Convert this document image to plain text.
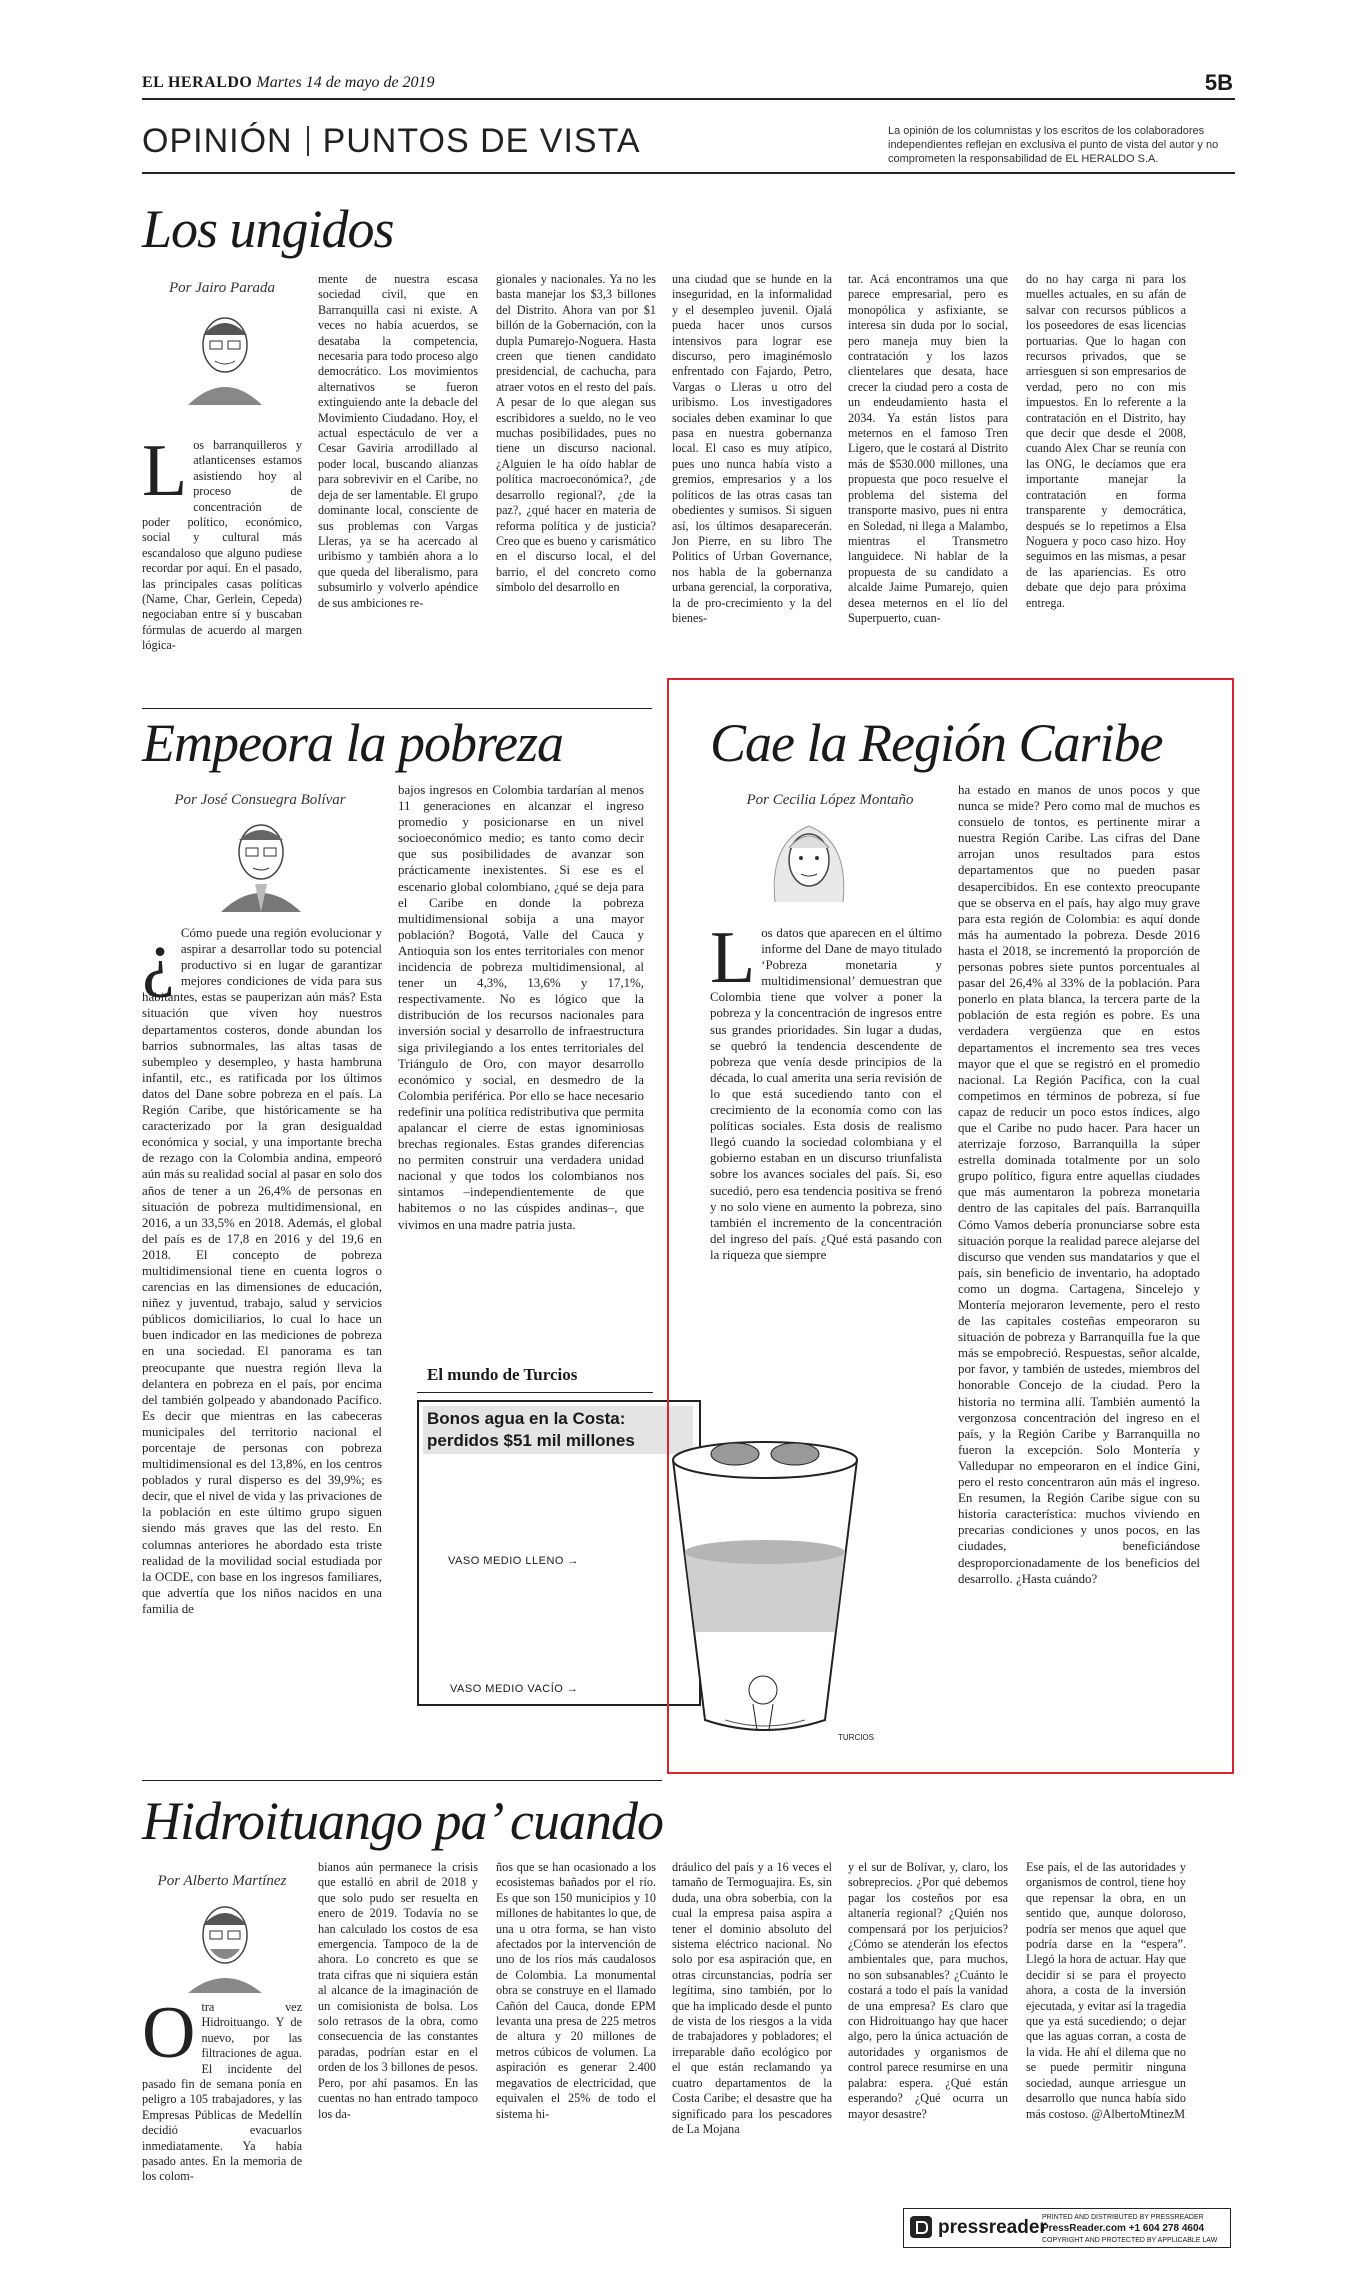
EL HERALDO Martes 14 de mayo de 2019	5B
OPINIÓN PUNTOS DE VISTA	La opinión de los columnistas y los escritos de los colaboradores independientes reflejan en exclusiva el punto de vista del autor y no comprometen la responsabilidad de EL HERALDO S.A.
Los ungidos
Por Jairo Parada
L os barranquilleros y atlanticenses estamos asistiendo hoy al proceso de concentración de poder político, económico, social y cultural más escandaloso que alguno pudiese recordar por aquí. En el pasado, las principales casas políticas (Name, Char, Gerlein, Cepeda) negociaban entre sí y buscaban fórmulas de acuerdo al margen lógica-

mente de nuestra escasa sociedad civil, que en Barranquilla casi ni existe. A veces no había acuerdos, se desataba la competencia, necesaria para todo proceso algo democrático. Los movimientos alternativos se fueron extinguiendo ante la debacle del Movimiento Ciudadano. Hoy, el actual espectáculo de ver a Cesar Gaviria arrodillado al poder local, buscando alianzas para sobrevivir en el Caribe, no deja de ser lamentable. El grupo dominante local, consciente de sus problemas con Vargas Lleras, ya se ha acercado al uribismo y también ahora a lo que queda del liberalismo, para subsumirlo y volverlo apéndice de sus ambiciones re-
gionales y nacionales. Ya no les basta manejar los $3,3 billones del Distrito. Ahora van por $1 billón de la Gobernación, con la dupla Pumarejo-Noguera. Hasta creen que tienen candidato presidencial, de cachucha, para atraer votos en el resto del país. A pesar de lo que alegan sus escribidores a sueldo, no le veo muchas posibilidades, pues no tiene un discurso nacional. ¿Alguien le ha oído hablar de política macroeconómica?, ¿de desarrollo regional?, ¿de la paz?, ¿qué hacer en materia de reforma política y de justicia? Creo que es bueno y carismático en el discurso local, el del barrio, el del concreto como símbolo del desarrollo en
una ciudad que se hunde en la inseguridad, en la informalidad y el desempleo juvenil. Ojalá pueda hacer unos cursos intensivos para lograr ese discurso, pero imaginémoslo enfrentado con Fajardo, Petro, Vargas o Lleras u otro del uribismo. Los investigadores sociales deben examinar lo que pasa en nuestra gobernanza local. El caso es muy atípico, pues uno nunca había visto a gremios, empresarios y a los políticos de las otras casas tan obedientes y sumisos. Si siguen así, los últimos desaparecerán. Jon Pierre, en su libro The Politics of Urban Governance, nos habla de la gobernanza urbana gerencial, la corporativa, la de pro-crecimiento y la del bienes-
tar. Acá encontramos una que parece empresarial, pero es monopólica y asfixiante, se interesa sin duda por lo social, pero maneja muy bien la contratación y los lazos clientelares que desata, hace crecer la ciudad pero a costa de un endeudamiento hasta el 2034. Ya están listos para meternos en el famoso Tren Ligero, que le costará al Distrito más de $530.000 millones, una propuesta que poco resuelve el problema del sistema del transporte masivo, pues ni entra en Soledad, ni llega a Malambo, mientras el Transmetro languidece. Ni hablar de la propuesta de su candidato a alcalde Jaime Pumarejo, quien desea meternos en el lío del Superpuerto, cuan-
do no hay carga ni para los muelles actuales, en su afán de salvar con recursos públicos a los poseedores de esas licencias portuarias. Que lo hagan con recursos privados, que se arriesguen si son empresarios de verdad, pero no con mis impuestos. En lo referente a la contratación en el Distrito, hay que decir que desde el 2008, cuando Alex Char se reunía con las ONG, le decíamos que era importante manejar la contratación en forma transparente y democrática, después se lo repetimos a Elsa Noguera y poco caso hizo. Hoy seguimos en las mismas, a pesar de las apariencias. Es otro debate que dejo para próxima entrega.
Empeora la pobreza
Por José Consuegra Bolívar
¿ Cómo puede una región evolucionar y aspirar a desarrollar todo su potencial productivo si en lugar de garantizar mejores condiciones de vida para sus habitantes, estas se pauperizan aún más? Esta situación que viven hoy nuestros departamentos costeros, donde abundan los barrios subnormales, las altas tasas de subempleo y desempleo, y hasta hambruna infantil, etc., es ratificada por los últimos datos del Dane sobre pobreza en el país. La Región Caribe, que históricamente se ha caracterizado por la gran desigualdad económica y social, y una importante brecha de rezago con la Colombia andina, empeoró aún más su realidad social al pasar en solo dos años de tener a un 26,4% de personas en situación de pobreza multidimensional, en 2016, a un 33,5% en 2018. Además, el global del país es de 17,8 en 2016 y del 19,6 en 2018. El concepto de pobreza multidimensional tiene en cuenta logros o carencias en las dimensiones de educación, niñez y juventud, trabajo, salud y servicios públicos domiciliarios, lo cual lo hace un buen indicador en las mediciones de pobreza en una sociedad. El panorama es tan preocupante que nuestra región lleva la delantera en pobreza en el país, por encima del también golpeado y abandonado Pacífico. Es decir que mientras en las cabeceras municipales del territorio nacional el porcentaje de personas con pobreza multidimensional es del 13,8%, en los centros poblados y rural disperso es del 39,9%; es decir, que el nivel de vida y las privaciones de la población en este último grupo siguen siendo más graves que las del resto. En columnas anteriores he abordado esta triste realidad de la movilidad social estudiada por la OCDE, con base en los ingresos familiares, que advertía que los niños nacidos en una familia de

bajos ingresos en Colombia tardarían al menos 11 generaciones en alcanzar el ingreso promedio y posicionarse en un nivel socioeconómico medio; es tanto como decir que sus posibilidades de avanzar son prácticamente inexistentes. Si ese es el escenario global colombiano, ¿qué se deja para el Caribe en donde la pobreza multidimensional sobija a una mayor población? Bogotá, Valle del Cauca y Antioquia son los entes territoriales con menor incidencia de pobreza multidimensional, al tener un 4,3%, 13,6% y 17,1%, respectivamente. No es lógico que la distribución de los recursos nacionales para inversión social y desarrollo de infraestructura siga privilegiando a los entes territoriales del Triángulo de Oro, con mayor desarrollo económico y social, en desmedro de la Colombia periférica. Por ello se hace necesario redefinir una política redistributiva que permita apalancar el cierre de estas ignominiosas brechas regionales. Estas grandes diferencias no permiten construir una verdadera unidad nacional y que todos los colombianos nos sintamos –independientemente de que habitemos o no las cúspides andinas–, que vivimos en una madre patria justa.
El mundo de Turcios
Bonos agua en la Costa: perdidos $51 mil millones
VASO MEDIO LLENO →
VASO MEDIO VACÍO →
TURCIOS
Cae la Región Caribe
Por Cecilia López Montaño
L os datos que aparecen en el último informe del Dane de mayo titulado ‘Pobreza monetaria y multidimensional’ demuestran que Colombia tiene que volver a poner la pobreza y la concentración de ingresos entre sus grandes prioridades. Sin lugar a dudas, se quebró la tendencia descendente de pobreza que venía desde principios de la década, lo cual amerita una seria revisión de lo que está sucediendo tanto con el crecimiento de la economía como con las políticas sociales. Esta dosis de realismo llegó cuando la sociedad colombiana y el gobierno estaban en un discurso triunfalista sobre los avances sociales del país. Si, eso sucedió, pero esa tendencia positiva se frenó y no solo viene en aumento la pobreza, sino también el incremento de la concentración del ingreso del país. ¿Qué está pasando con la riqueza que siempre

ha estado en manos de unos pocos y que nunca se mide? Pero como mal de muchos es consuelo de tontos, es pertinente mirar a nuestra Región Caribe. Las cifras del Dane arrojan unos resultados para estos departamentos que no pueden pasar desapercibidos. En ese contexto preocupante que se observa en el país, hay algo muy grave para esta región de Colombia: es aquí donde más ha aumentado la pobreza. Desde 2016 hasta el 2018, se incrementó la proporción de personas pobres siete puntos porcentuales al pasar del 26,4% al 33% de la población. Para ponerlo en plata blanca, la tercera parte de la población de esta región es pobre. Es una verdadera vergüenza que en estos departamentos el incremento sea tres veces mayor que el que se registró en el promedio nacional. La Región Pacífica, con la cual competimos en términos de pobreza, sí fue capaz de reducir un poco estos índices, algo que el Caribe no pudo hacer. Para hacer un aterrizaje forzoso, Barranquilla la súper estrella dominada totalmente por un solo grupo político, figura entre aquellas ciudades que más aumentaron la pobreza monetaria dentro de las capitales del país. Barranquilla Cómo Vamos debería pronunciarse sobre esta situación porque la realidad parece alejarse del discurso que venden sus mandatarios y que el país, sin beneficio de inventario, ha adoptado como un dogma. Cartagena, Sincelejo y Montería mejoraron levemente, pero el resto de las capitales costeñas empeoraron su situación de pobreza y Barranquilla fue la que más se empobreció. Respuestas, señor alcalde, por favor, y también de ustedes, miembros del honorable Concejo de la ciudad. Pero la historia no termina allí. También aumentó la vergonzosa concentración del ingreso en el país, y la Región Caribe y Barranquilla no fueron la excepción. Solo Montería y Valledupar no empeoraron en el índice Gini, pero el resto concentraron aún más el ingreso. En resumen, la Región Caribe sigue con su historia característica: muchos viviendo en precarias condiciones y unos pocos, en las ciudades, beneficiándose desproporcionadamente de los beneficios del desarrollo. ¿Hasta cuándo?
Hidroituango pa’ cuando
Por Alberto Martínez
O tra vez Hidroituango. Y de nuevo, por las filtraciones de agua. El incidente del pasado fin de semana ponía en peligro a 105 trabajadores, y las Empresas Públicas de Medellín decidió evacuarlos inmediatamente. Ya había pasado antes. En la memoria de los colom-

bianos aún permanece la crisis que estalló en abril de 2018 y que solo pudo ser resuelta en enero de 2019. Todavía no se han calculado los costos de esa emergencia. Tampoco de la de ahora. Lo concreto es que se trata cifras que ni siquiera están al alcance de la imaginación de un comisionista de bolsa. Los solo retrasos de la obra, como consecuencia de las constantes paradas, podrían estar en el orden de los 3 billones de pesos. Pero, por ahí pasamos. En las cuentas no han entrado tampoco los da-
ños que se han ocasionado a los ecosistemas bañados por el río. Es que son 150 municipios y 10 millones de habitantes lo que, de una u otra forma, se han visto afectados por la intervención de uno de los ríos más caudalosos de Colombia. La monumental obra se construye en el llamado Cañón del Cauca, donde EPM levanta una presa de 225 metros de altura y 20 millones de metros cúbicos de volumen. La aspiración es generar 2.400 megavatios de electricidad, que equivalen el 25% de todo el sistema hi-
dráulico del país y a 16 veces el tamaño de Termoguajira. Es, sin duda, una obra soberbia, con la cual la empresa paisa aspira a tener el dominio absoluto del sistema eléctrico nacional. No solo por esa aspiración que, en otras circunstancias, podría ser legítima, sino también, por lo que ha implicado desde el punto de vista de los riesgos a la vida de trabajadores y pobladores; el irreparable daño ecológico por el que están reclamando ya cuatro departamentos de la Costa Caribe; el desastre que ha significado para los pescadores de La Mojana
y el sur de Bolívar, y, claro, los sobreprecios. ¿Por qué debemos pagar los costeños por esa altanería regional? ¿Quién nos compensará por los perjuicios? ¿Cómo se atenderán los efectos ambientales que, para muchos, no son subsanables? ¿Cuánto le costará a todo el país la vanidad de una empresa? Es claro que con Hidroituango hay que hacer algo, pero la única actuación de autoridades y organismos de control parece resumirse en una palabra: espera. ¿Qué están esperando? ¿Qué ocurra un mayor desastre?
Ese país, el de las autoridades y organismos de control, tiene hoy que repensar la obra, en un sentido que, aunque doloroso, podría ser menos que aquel que podría darse en la “espera”. Llegó la hora de actuar. Hay que decidir si se para el proyecto ahora, a costa de la inversión ejecutada, y evitar así la tragedia que ya está sucediendo; o dejar que las aguas corran, a costa de la vida. He ahí el dilema que no se puede permitir ninguna sociedad, aunque arriesgue un desarrollo que nunca había sido más costoso. @AlbertoMtinezM
pressreader
PRINTED AND DISTRIBUTED BY PRESSREADER
PressReader.com +1 604 278 4604
COPYRIGHT AND PROTECTED BY APPLICABLE LAW
